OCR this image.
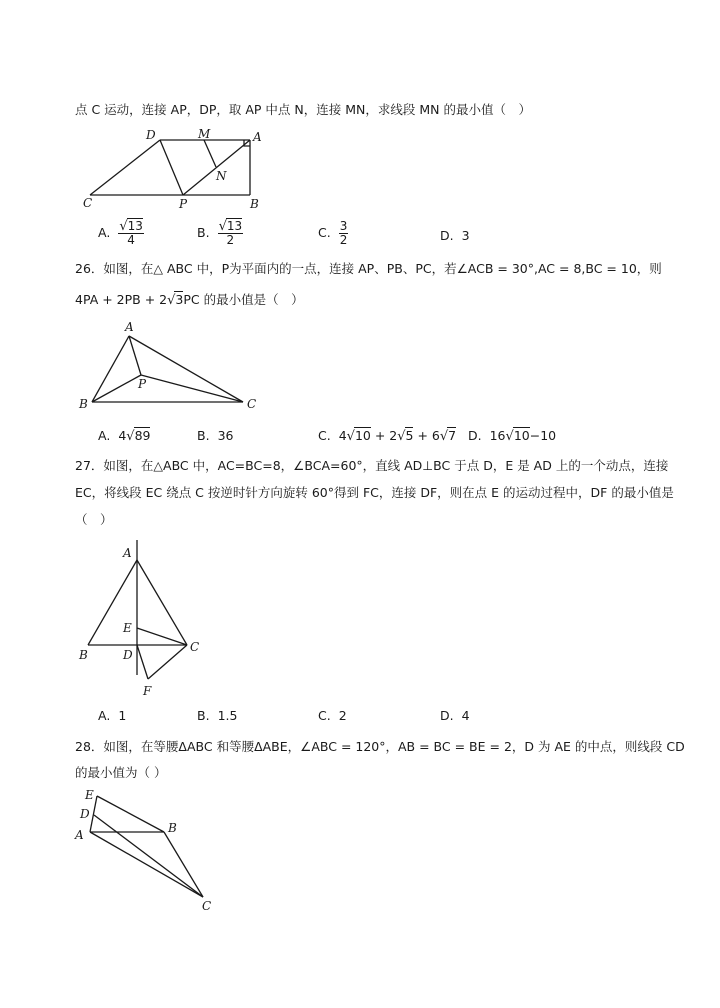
点 C 运动，连接 AP，DP，取 AP 中点 N，连接 MN，求线段 MN 的最小值（　）
D	M	A
N
C	P	B
A. $\frac{√13}{4}$	B. $\frac{√13}{2}$	C. $\frac{3}{2}$	D. 3
26．如图，在△ ABC 中，P为平面内的一点，连接 AP、PB、PC，若∠ACB = 30°,AC = 8,BC = 10，则
4PA + 2PB + 2√3PC 的最小值是（　）
A
P
B	C
A. 4√89	B. 36	C. 4√10 + 2√5 + 6√7 D. 16√10−10
27．如图，在△ABC 中，AC=BC=8，∠BCA=60°，直线 AD⊥BC 于点 D，E 是 AD 上的一个动点，连接
EC，将线段 EC 绕点 C 按逆时针方向旋转 60°得到 FC，连接 DF，则在点 E 的运动过程中，DF 的最小值是
（　）
A
E
B	D
C
F
A. 1	B. 1.5	C. 2	D. 4
28．如图，在等腰ΔABC 和等腰ΔABE，∠ABC = 120°，AB = BC = BE = 2，D 为 AE 的中点，则线段 CD
的最小值为（ ）
E
D
A	B
C
